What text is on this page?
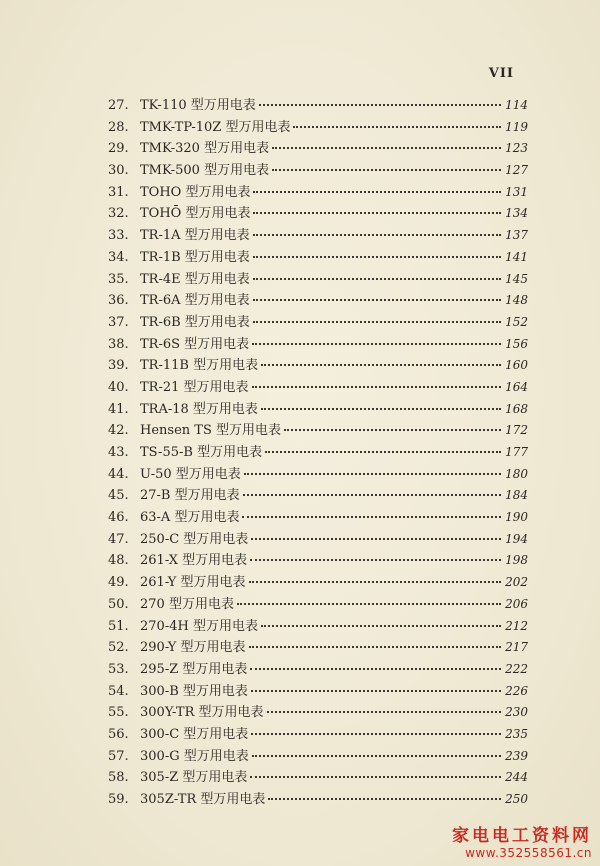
VII
27. TK-110 型万用电表	114
28. TMK-TP-10Z 型万用电表	119
29. TMK-320 型万用电表	123
30. TMK-500 型万用电表	127
31. TOHO 型万用电表	131
32. TOHŌ 型万用电表	134
33. TR-1A 型万用电表	137
34. TR-1B 型万用电表	141
35. TR-4E 型万用电表	145
36. TR-6A 型万用电表	148
37. TR-6B 型万用电表	152
38. TR-6S 型万用电表	156
39. TR-11B 型万用电表	160
40. TR-21 型万用电表	164
41. TRA-18 型万用电表	168
42. Hensen TS 型万用电表	172
43. TS-55-B 型万用电表	177
44. U-50 型万用电表	180
45. 27-B 型万用电表	184
46. 63-A 型万用电表	190
47. 250-C 型万用电表	194
48. 261-X 型万用电表	198
49. 261-Y 型万用电表	202
50. 270 型万用电表	206
51. 270-4H 型万用电表	212
52. 290-Y 型万用电表	217
53. 295-Z 型万用电表	222
54. 300-B 型万用电表	226
55. 300Y-TR 型万用电表	230
56. 300-C 型万用电表	235
57. 300-G 型万用电表	239
58. 305-Z 型万用电表	244
59. 305Z-TR 型万用电表	250
家电电工资料网
www.352558561.cn
